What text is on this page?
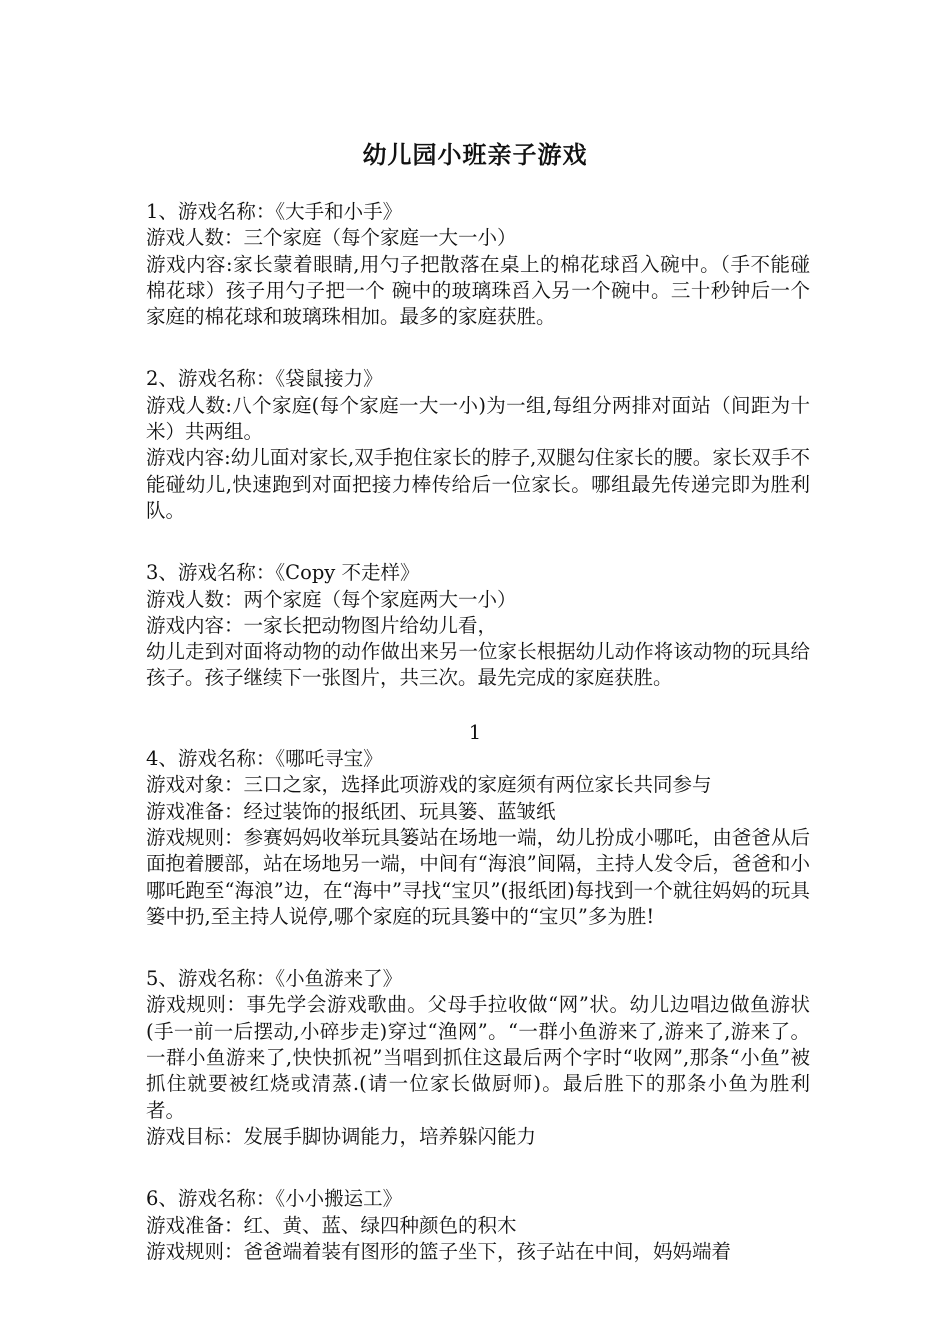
幼儿园小班亲子游戏
1、游戏名称：《大手和小手》
游戏人数：三个家庭（每个家庭一大一小）
游戏内容:家长蒙着眼睛,用勺子把散落在桌上的棉花球舀入碗中。（手不能碰棉花球）孩子用勺子把一个 碗中的玻璃珠舀入另一个碗中。三十秒钟后一个家庭的棉花球和玻璃珠相加。最多的家庭获胜。
2、游戏名称：《袋鼠接力》
游戏人数:八个家庭(每个家庭一大一小)为一组,每组分两排对面站（间距为十米）共两组。
游戏内容:幼儿面对家长,双手抱住家长的脖子,双腿勾住家长的腰。家长双手不能碰幼儿,快速跑到对面把接力棒传给后一位家长。哪组最先传递完即为胜利队。
3、游戏名称：《Copy 不走样》
游戏人数：两个家庭（每个家庭两大一小）
游戏内容：一家长把动物图片给幼儿看，
幼儿走到对面将动物的动作做出来另一位家长根据幼儿动作将该动物的玩具给孩子。孩子继续下一张图片，共三次。最先完成的家庭获胜。
1
4、游戏名称：《哪吒寻宝》
游戏对象：三口之家，选择此项游戏的家庭须有两位家长共同参与
游戏准备：经过装饰的报纸团、玩具篓、蓝皱纸
游戏规则：参赛妈妈收举玩具篓站在场地一端，幼儿扮成小哪吒，由爸爸从后面抱着腰部，站在场地另一端，中间有“海浪”间隔，主持人发令后，爸爸和小哪吒跑至“海浪”边，在“海中”寻找“宝贝”(报纸团)每找到一个就往妈妈的玩具篓中扔,至主持人说停,哪个家庭的玩具篓中的“宝贝”多为胜!
5、游戏名称：《小鱼游来了》
游戏规则：事先学会游戏歌曲。父母手拉收做“网”状。幼儿边唱边做鱼游状(手一前一后摆动,小碎步走)穿过“渔网”。“一群小鱼游来了,游来了,游来了。一群小鱼游来了,快快抓祝”当唱到抓住这最后两个字时“收网”,那条“小鱼”被抓住就要被红烧或清蒸.(请一位家长做厨师)。最后胜下的那条小鱼为胜利者。
游戏目标：发展手脚协调能力，培养躲闪能力
6、游戏名称：《小小搬运工》
游戏准备：红、黄、蓝、绿四种颜色的积木
游戏规则：爸爸端着装有图形的篮子坐下，孩子站在中间，妈妈端着
